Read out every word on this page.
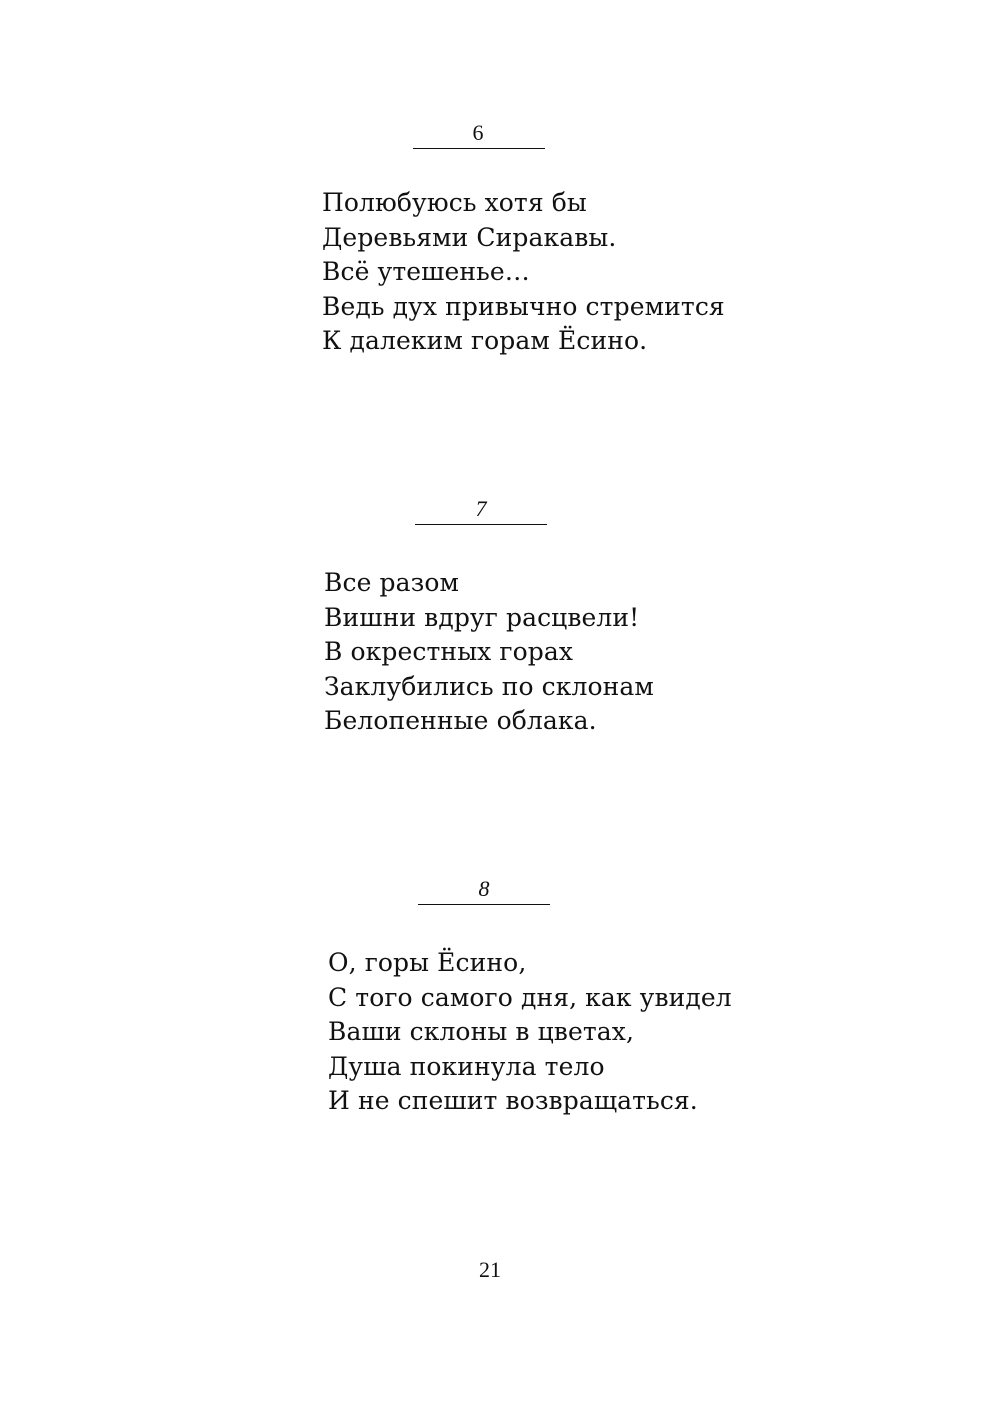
6
Полюбуюсь хотя бы
Деревьями Сиракавы.
Всё утешенье…
Ведь дух привычно стремится
К далеким горам Ёсино.
7
Все разом
Вишни вдруг расцвели!
В окрестных горах
Заклубились по склонам
Белопенные облака.
8
О, горы Ёсино,
С того самого дня, как увидел
Ваши склоны в цветах,
Душа покинула тело
И не спешит возвращаться.
21
